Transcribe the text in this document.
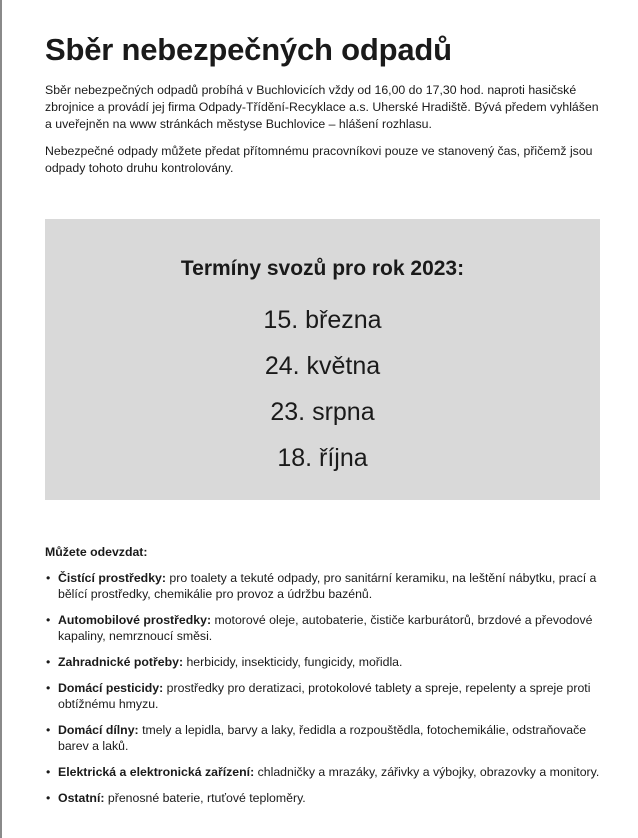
Sběr nebezpečných odpadů

Sběr nebezpečných odpadů probíhá v Buchlovicích vždy od 16,00 do 17,30 hod. naproti hasičské zbrojnice a provádí jej firma Odpady-Třídění-Recyklace a.s. Uherské Hradiště. Bývá předem vyhlášen a uveřejněn na www stránkách městyse Buchlovice – hlášení rozhlasu.

Nebezpečné odpady můžete předat přítomnému pracovníkovi pouze ve stanovený čas, přičemž jsou odpady tohoto druhu kontrolovány.

Termíny svozů pro rok 2023:
15. března
24. května
23. srpna
18. října
Můžete odevzdat:
• Čistící prostředky: pro toalety a tekuté odpady, pro sanitární keramiku, na leštění nábytku, prací a bělící prostředky, chemikálie pro provoz a údržbu bazénů.
• Automobilové prostředky: motorové oleje, autobaterie, čističe karburátorů, brzdové a převodové kapaliny, nemrznoucí směsi.
• Zahradnické potřeby: herbicidy, insekticidy, fungicidy, mořidla.
• Domácí pesticidy: prostředky pro deratizaci, protokolové tablety a spreje, repelenty a spreje proti obtížnému hmyzu.
• Domácí dílny: tmely a lepidla, barvy a laky, ředidla a rozpouštědla, fotochemikálie, odstraňovače barev a laků.
• Elektrická a elektronická zařízení: chladničky a mrazáky, zářivky a výbojky, obrazovky a monitory.
• Ostatní: přenosné baterie, rtuťové teploměry.
